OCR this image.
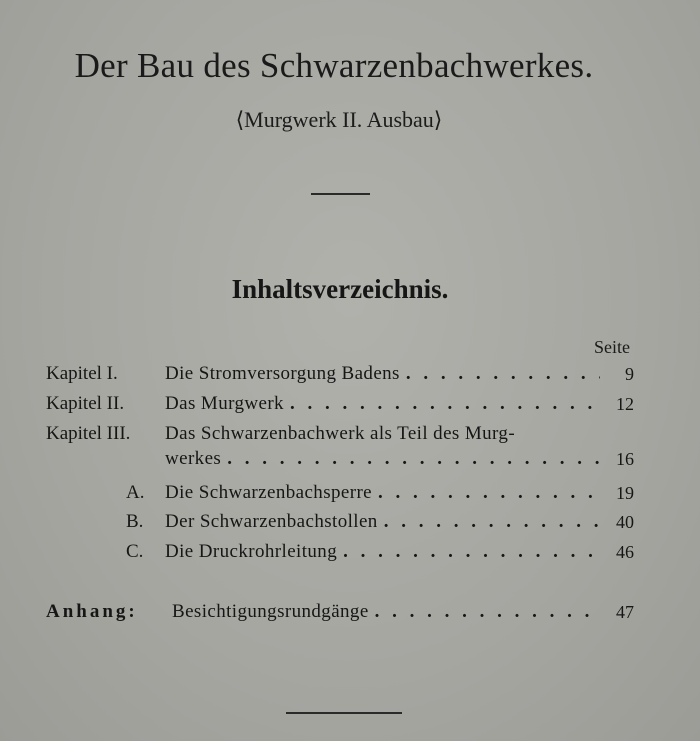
Der Bau des Schwarzenbachwerkes.
⟨Murgwerk II. Ausbau⟩
Inhaltsverzeichnis.
Seite
Kapitel I. Die Stromversorgung Badens . . .	9
Kapitel II. Das Murgwerk . . .	12
Kapitel III. Das Schwarzenbachwerk als Teil des Murg-
werkes . . .	16
A. Die Schwarzenbachsperre . . .	19
B.	Der Schwarzenbachstollen . . .	40
C.	Die Druckrohrleitung . . .	46
Anhang: Besichtigungsrundgänge . . .	47
